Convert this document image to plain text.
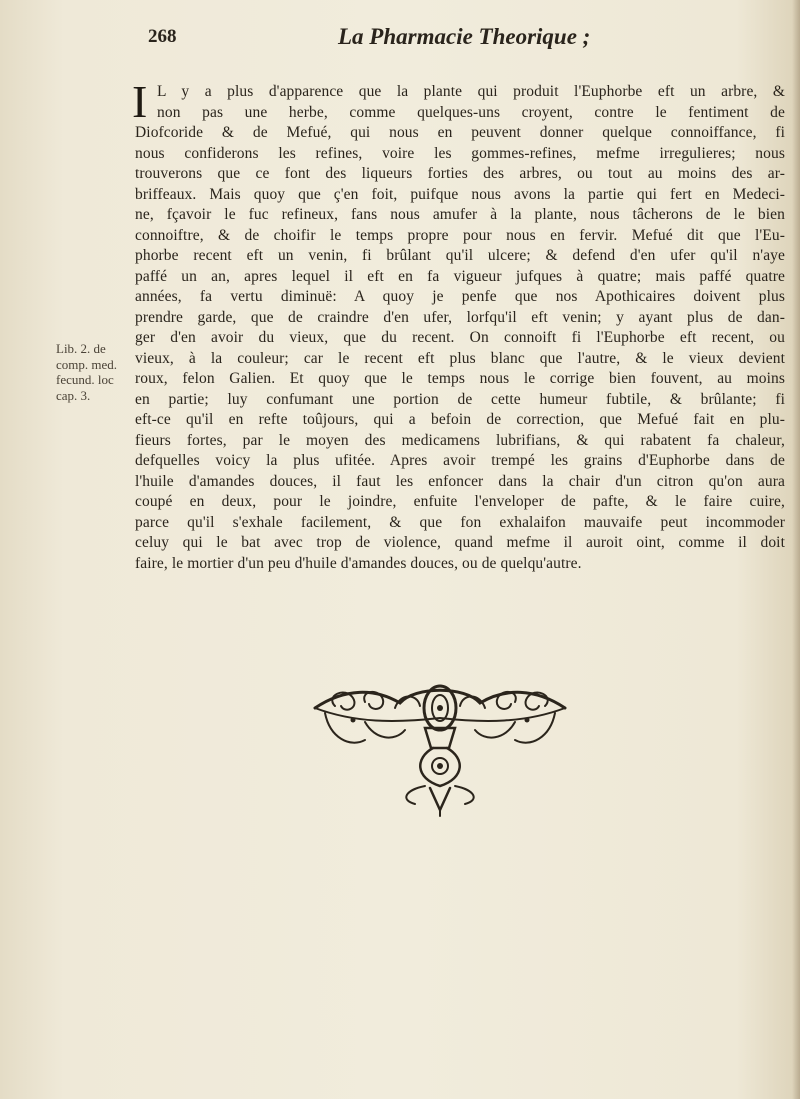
268	La Pharmacie Theorique ;
I L y a plus d'apparence que la plante qui produit l'Euphorbe eft un arbre, &
non pas une herbe, comme quelques-uns croyent, contre le fentiment de
Diofcoride & de Mefué, qui nous en peuvent donner quelque connoiffance, fi
nous confiderons les refines, voire les gommes-refines, mefme irregulieres; nous
trouverons que ce font des liqueurs forties des arbres, ou tout au moins des ar-
briffeaux. Mais quoy que ç'en foit, puifque nous avons la partie qui fert en Medeci-
ne, fçavoir le fuc refineux, fans nous amufer à la plante, nous tâcherons de le bien
connoiftre, & de choifir le temps propre pour nous en fervir. Mefué dit que l'Eu-
phorbe recent eft un venin, fi brûlant qu'il ulcere; & defend d'en ufer qu'il n'aye
paffé un an, apres lequel il eft en fa vigueur jufques à quatre; mais paffé quatre
années, fa vertu diminuë: A quoy je penfe que nos Apothicaires doivent plus
prendre garde, que de craindre d'en ufer, lorfqu'il eft venin; y ayant plus de dan-
ger d'en avoir du vieux, que du recent. On connoift fi l'Euphorbe eft recent, ou
vieux, à la couleur; car le recent eft plus blanc que l'autre, & le vieux devient
roux, felon Galien. Et quoy que le temps nous le corrige bien fouvent, au moins
en partie; luy confumant une portion de cette humeur fubtile, & brûlante; fi
eft-ce qu'il en refte toûjours, qui a befoin de correction, que Mefué fait en plu-
fieurs fortes, par le moyen des medicamens lubrifians, & qui rabatent fa chaleur,
defquelles voicy la plus ufitée. Apres avoir trempé les grains d'Euphorbe dans de
l'huile d'amandes douces, il faut les enfoncer dans la chair d'un citron qu'on aura
coupé en deux, pour le joindre, enfuite l'enveloper de pafte, & le faire cuire,
parce qu'il s'exhale facilement, & que fon exhalaifon mauvaife peut incommoder
celuy qui le bat avec trop de violence, quand mefme il auroit oint, comme il doit
faire, le mortier d'un peu d'huile d'amandes douces, ou de quelqu'autre.
Lib. 2. de
comp. med.
fecund. loc
cap. 3.
